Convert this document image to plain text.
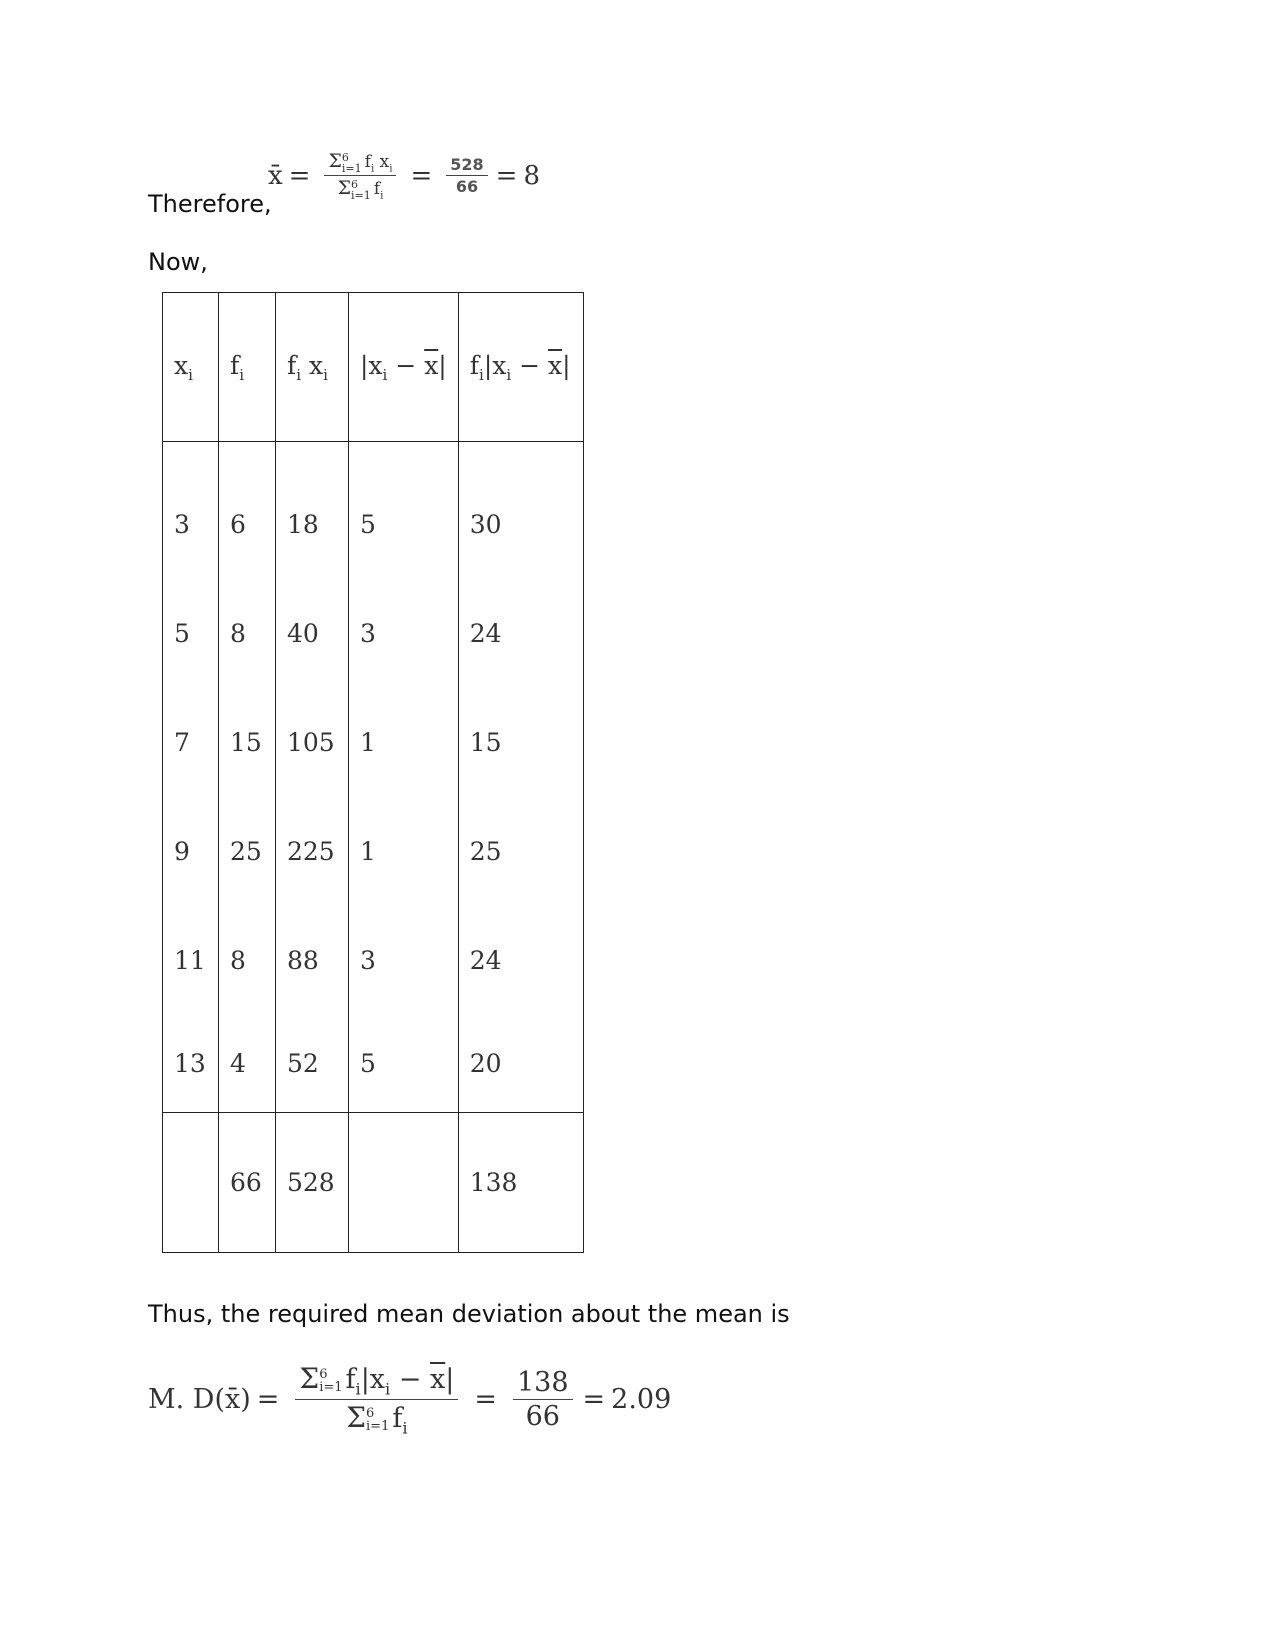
Therefore,

x̄ = Σ 6
i=1 $f_i$ $x_i$
Σ 6
i=1 $f_i = \frac{528}{66} = 8$

Now,

$x_i$	$f_i$	$f_i$ $x_i$	$|x_i - \overline{x}|$	$f_i|x_i - \overline{x}|$
3	6	18	5	30
5	8	40	3	24
7	15	105	1	15
9	25	225	1	25
11	8	88	3	24
13	4	52	5	20
	66	528		138

Thus, the required mean deviation about the mean is

M. D(x̄) = Σ 6
i=1 $f_i|x_i - \overline{x}|$
Σ 6
i=1 $f_i = \frac{138}{66} = 2.09$
